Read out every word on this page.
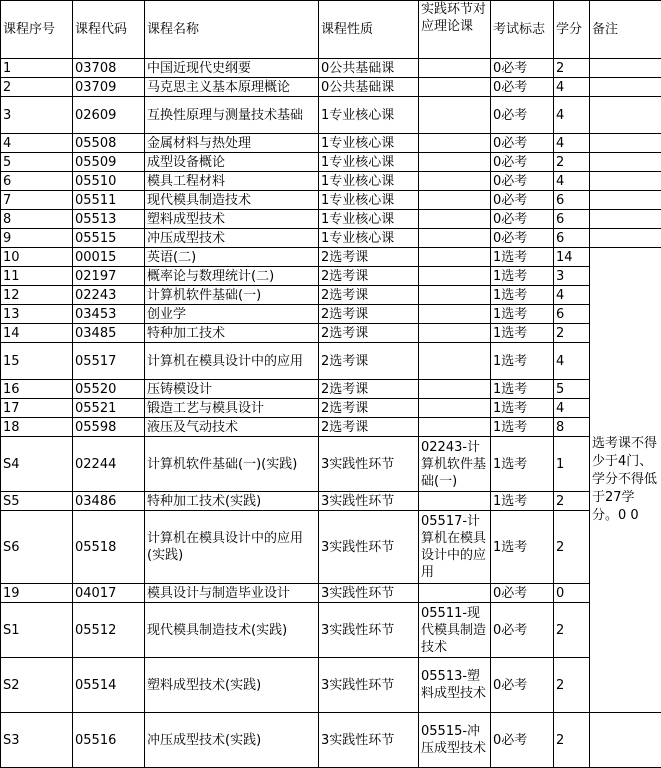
课程序号	课程代码	课程名称	课程性质	实践环节对应理论课	考试标志	学分	备注	
1	03708	中国近现代史纲要	0公共基础课		0必考	2		
2	03709	马克思主义基本原理概论	0公共基础课		0必考	4		
3	02609	互换性原理与测量技术基础	1专业核心课		0必考	4		
4	05508	金属材料与热处理	1专业核心课		0必考	4		
5	05509	成型设备概论	1专业核心课		0必考	2		
6	05510	模具工程材料	1专业核心课		0必考	4		
7	05511	现代模具制造技术	1专业核心课		0必考	6		
8	05513	塑料成型技术	1专业核心课		0必考	6		
9	05515	冲压成型技术	1专业核心课		0必考	6		
10	00015	英语(二)	2选考课		1选考	14	选考课不得少于4门、学分不得低于27学分。0 0	
11	02197	概率论与数理统计(二)	2选考课		1选考	3		
12	02243	计算机软件基础(一)	2选考课		1选考	4		
13	03453	创业学	2选考课		1选考	6		
14	03485	特种加工技术	2选考课		1选考	2		
15	05517	计算机在模具设计中的应用	2选考课		1选考	4		
16	05520	压铸模设计	2选考课		1选考	5		
17	05521	锻造工艺与模具设计	2选考课		1选考	4		
18	05598	液压及气动技术	2选考课		1选考	8		
S4	02244	计算机软件基础(一)(实践)	3实践性环节	02243-计算机软件基础(一)	1选考	1		
S5	03486	特种加工技术(实践)	3实践性环节		1选考	2		
S6	05518	计算机在模具设计中的应用(实践)	3实践性环节	05517-计算机在模具设计中的应用	1选考	2		
19	04017	模具设计与制造毕业设计	3实践性环节		0必考	0		
S1	05512	现代模具制造技术(实践)	3实践性环节	05511-现代模具制造技术	0必考	2		
S2	05514	塑料成型技术(实践)	3实践性环节	05513-塑料成型技术	0必考	2		
S3	05516	冲压成型技术(实践)	3实践性环节	05515-冲压成型技术	0必考	2		
